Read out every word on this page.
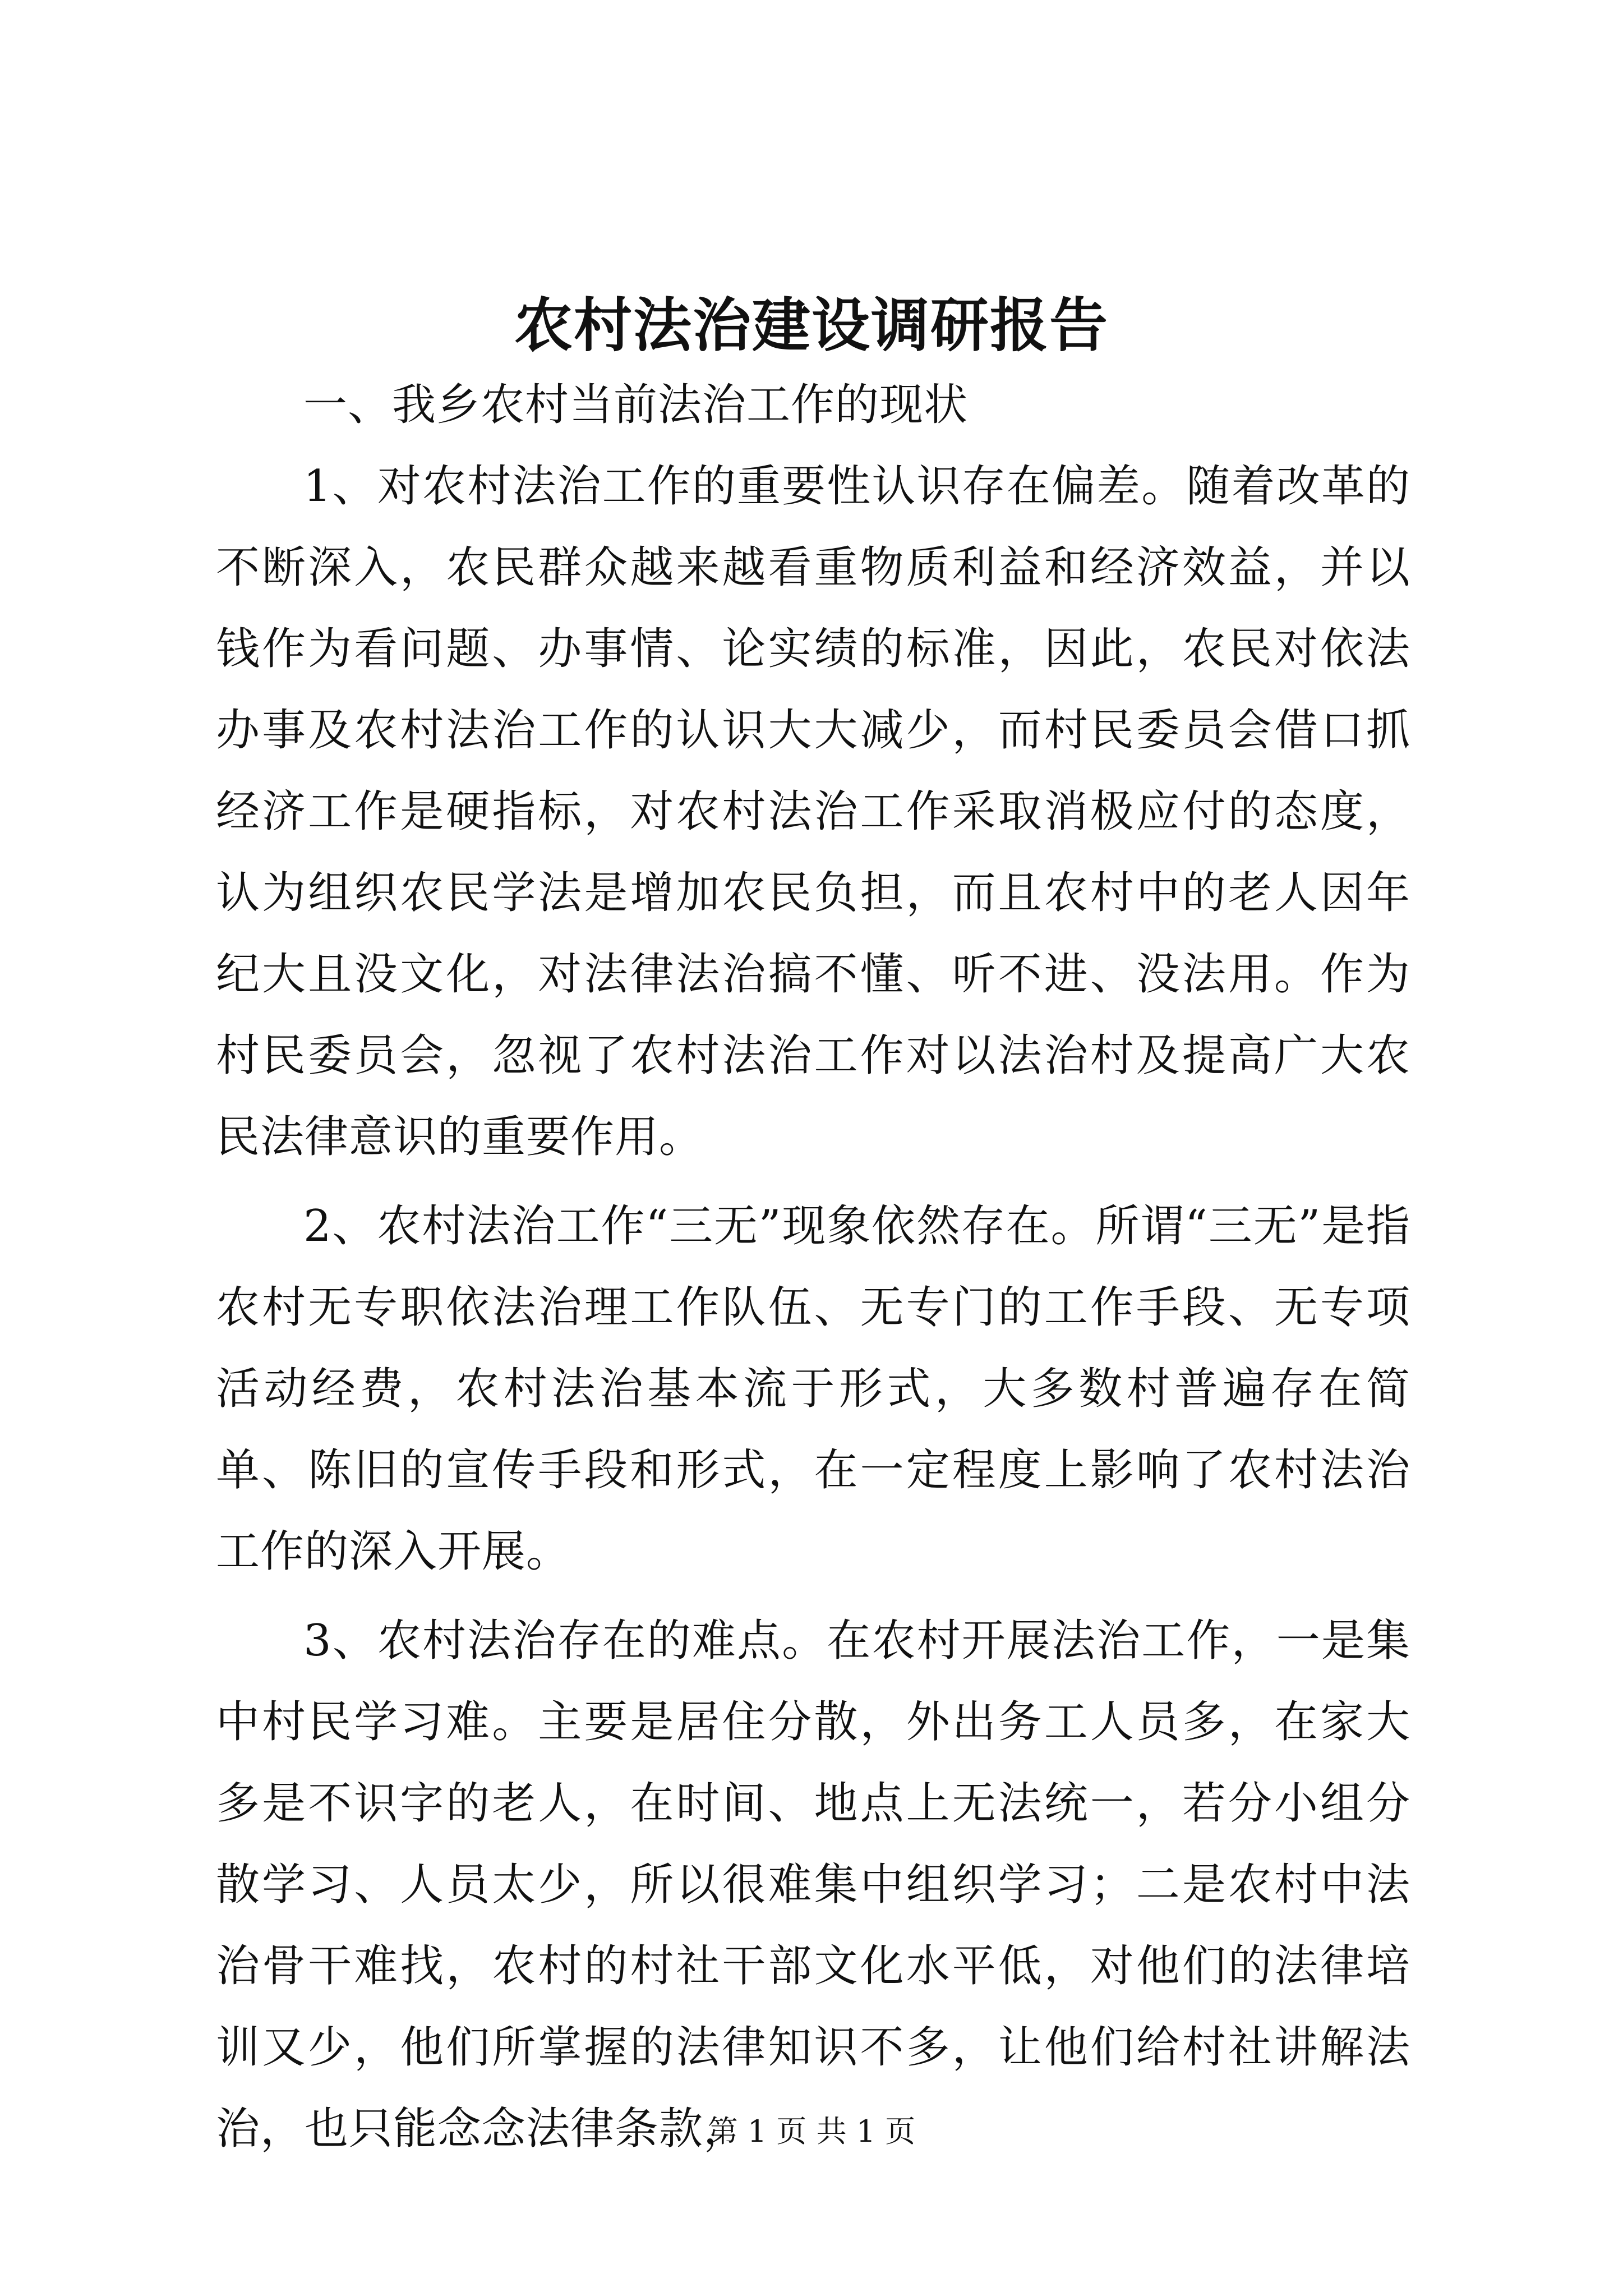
农村法治建设调研报告

一、我乡农村当前法治工作的现状

1、对农村法治工作的重要性认识存在偏差。随着改革的不断深入，农民群众越来越看重物质利益和经济效益，并以钱作为看问题、办事情、论实绩的标准，因此，农民对依法办事及农村法治工作的认识大大减少，而村民委员会借口抓经济工作是硬指标，对农村法治工作采取消极应付的态度，认为组织农民学法是增加农民负担，而且农村中的老人因年纪大且没文化，对法律法治搞不懂、听不进、没法用。作为村民委员会，忽视了农村法治工作对以法治村及提高广大农民法律意识的重要作用。

2、农村法治工作“三无”现象依然存在。所谓“三无”是指农村无专职依法治理工作队伍、无专门的工作手段、无专项活动经费，农村法治基本流于形式，大多数村普遍存在简单、陈旧的宣传手段和形式，在一定程度上影响了农村法治工作的深入开展。

3、农村法治存在的难点。在农村开展法治工作，一是集中村民学习难。主要是居住分散，外出务工人员多，在家大多是不识字的老人，在时间、地点上无法统一，若分小组分散学习、人员太少，所以很难集中组织学习；二是农村中法治骨干难找，农村的村社干部文化水平低，对他们的法律培训又少，他们所掌握的法律知识不多，让他们给村社讲解法治，也只能念念法律条款，

第 1 页 共 1 页
